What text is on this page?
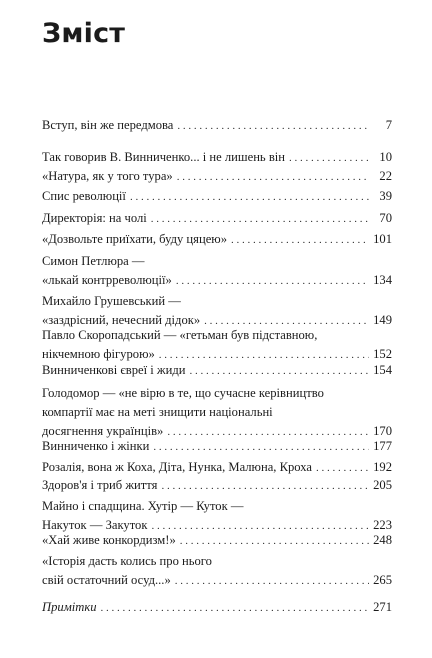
Зміст
Вступ, він же передмова . . .	7
Так говорив В. Винниченко... і не лишень він . . .	10
«Натура, як у того тура» . . .	22
Спис революції . . .	39
Директорія: на чолі . . .	70
«Дозвольте приїхати, буду цяцею» . . .	101
Симон Петлюра —
«лькай контрреволюції» . . .	134
Михайло Грушевський —
«заздрісний, нечесний дідок» . . .	149
Павло Скоропадський — «гетьман був підставною,
нікчемною фігурою» . . .	152
Винниченкові євреї і жиди . . .	154
Голодомор — «не вірю в те, що сучасне керівництво
компартії має на меті знищити національні
досягнення українців» . . .	170
Винниченко і жінки . . .	177
Розалія, вона ж Коха, Діта, Нунка, Малюна, Кроха . . .	192
Здоров'я і триб життя . . .	205
Майно і спадщина. Хутір — Куток —
Накуток — Закуток . . .	223
«Хай живе конкордизм!» . . .	248
«Історія дасть колись про нього
свій остаточний осуд...» . . .	265
Примітки . . .	271
